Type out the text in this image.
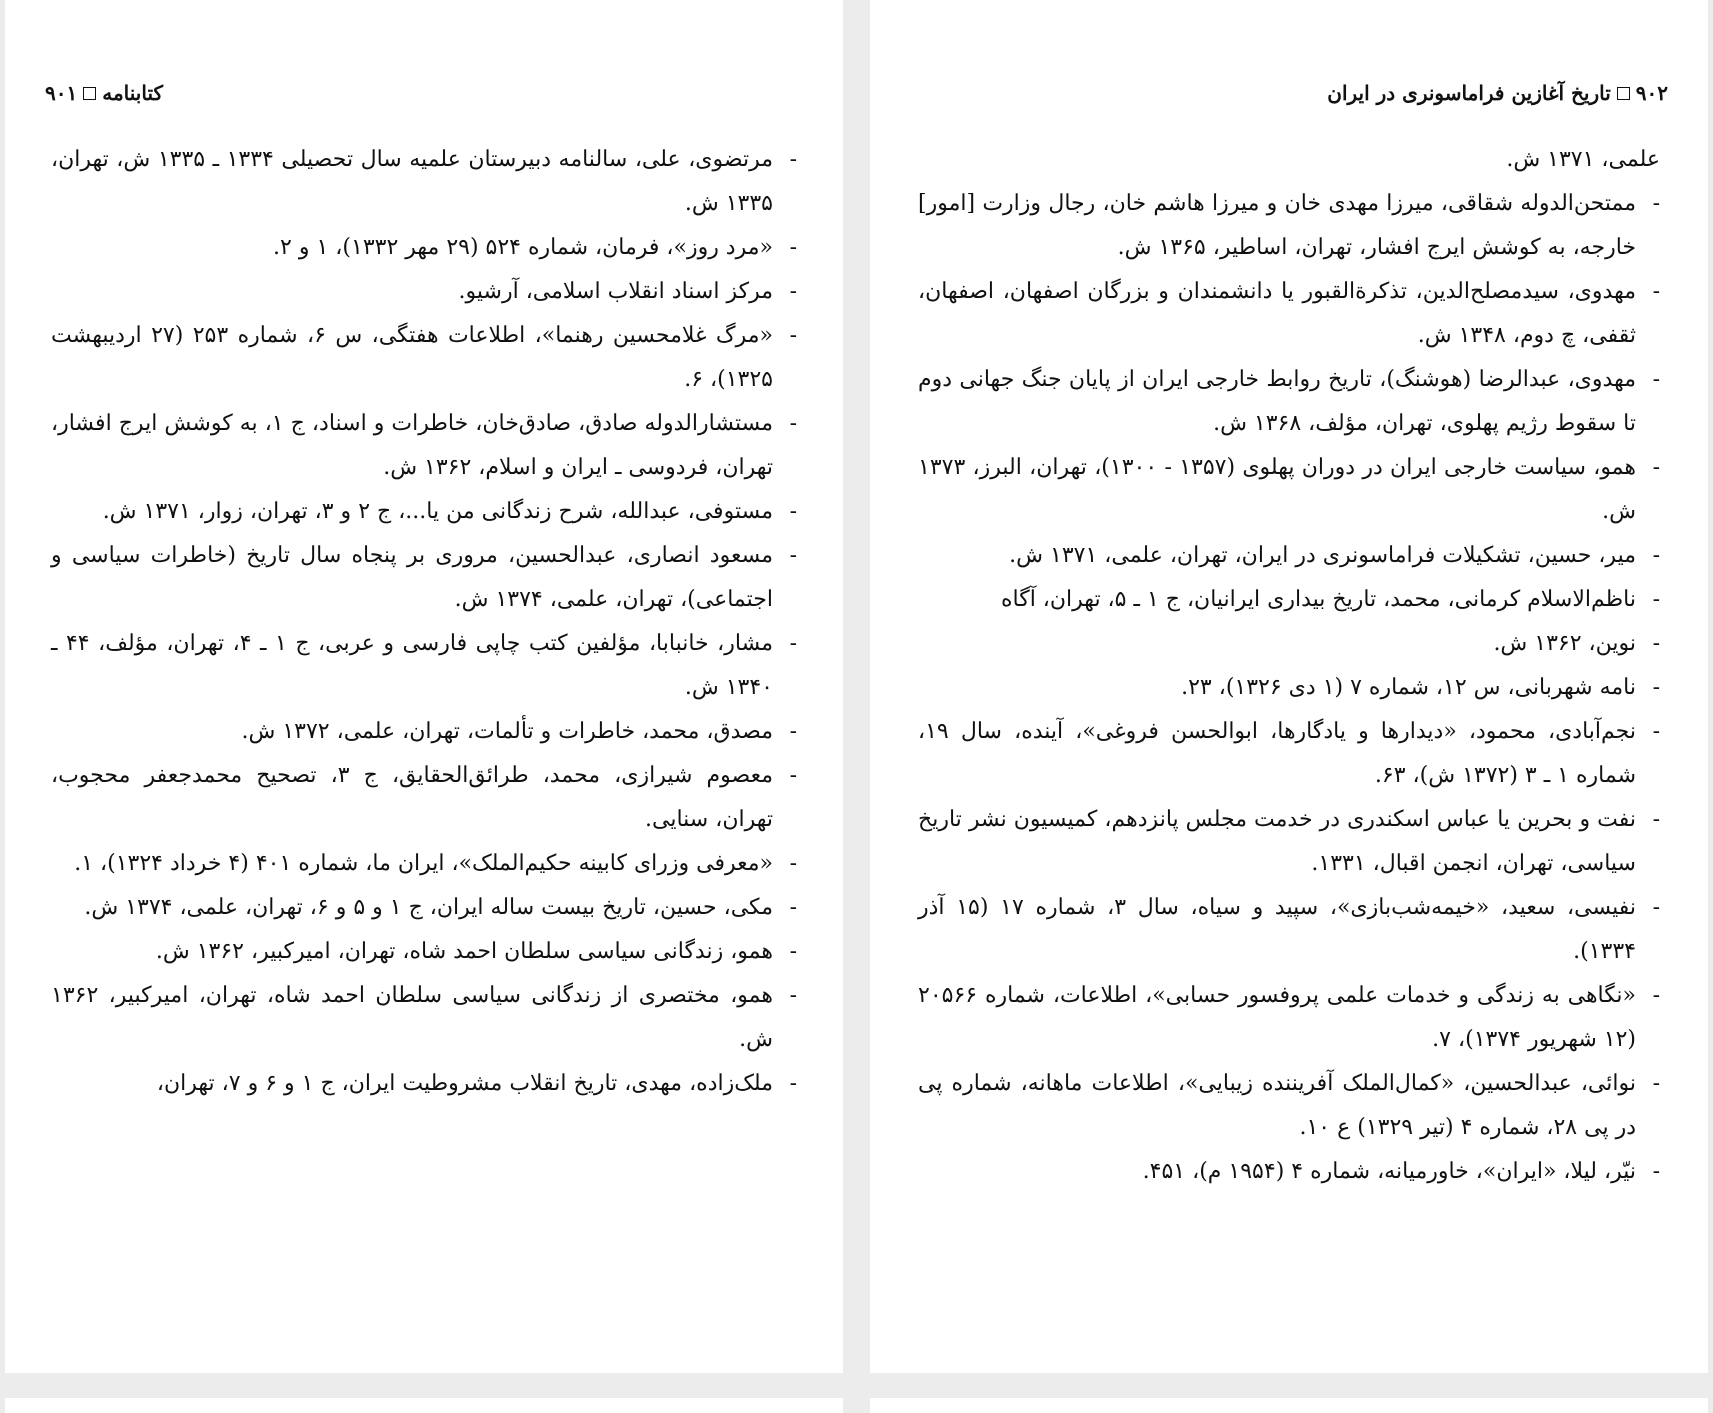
کتابنامه
۹۰۱
-
مرتضوی، علی، سالنامه دبیرستان علمیه سال تحصیلی ۱۳۳۴ ـ ۱۳۳۵ ش، تهران، ۱۳۳۵ ش.
-
«مرد روز»، فرمان، شماره ۵۲۴ (۲۹ مهر ۱۳۳۲)، ۱ و ۲.
-
مرکز اسناد انقلاب اسلامی، آرشیو.
-
«مرگ غلامحسین رهنما»، اطلاعات هفتگی، س ۶، شماره ۲۵۳ (۲۷ اردیبهشت ۱۳۲۵)، ۶.
-
مستشارالدوله صادق، صادق‌خان، خاطرات و اسناد، ج ۱، به کوشش ایرج افشار، تهران، فردوسی ـ ایران و اسلام، ۱۳۶۲ ش.
-
مستوفی، عبدالله، شرح زندگانی من یا...، ج ۲ و ۳، تهران، زوار، ۱۳۷۱ ش.
-
مسعود انصاری، عبدالحسین، مروری بر پنجاه سال تاریخ (خاطرات سیاسی و اجتماعی)، تهران، علمی، ۱۳۷۴ ش.
-
مشار، خانبابا، مؤلفین کتب چاپی فارسی و عربی، ج ۱ ـ ۴، تهران، مؤلف، ۴۴ ـ ۱۳۴۰ ش.
-
مصدق، محمد، خاطرات و تألمات، تهران، علمی، ۱۳۷۲ ش.
-
معصوم شیرازی، محمد، طرائق‌الحقایق، ج ۳، تصحیح محمدجعفر محجوب، تهران، سنایی.
-
«معرفی وزرای کابینه حکیم‌الملک»، ایران ما، شماره ۴۰۱ (۴ خرداد ۱۳۲۴)، ۱.
-
مکی، حسین، تاریخ بیست ساله ایران، ج ۱ و ۵ و ۶، تهران، علمی، ۱۳۷۴ ش.
-
همو، زندگانی سیاسی سلطان احمد شاه، تهران، امیرکبیر، ۱۳۶۲ ش.
-
همو، مختصری از زندگانی سیاسی سلطان احمد شاه، تهران، امیرکبیر، ۱۳۶۲ ش.
-
ملک‌زاده، مهدی، تاریخ انقلاب مشروطیت ایران، ج ۱ و ۶ و ۷، تهران،
۹۰۲
تاریخ آغازین فراماسونری در ایران
علمی، ۱۳۷۱ ش.
-
ممتحن‌الدوله شقاقی، میرزا مهدی خان و میرزا هاشم خان، رجال وزارت [امور] خارجه، به کوشش ایرج افشار، تهران، اساطیر، ۱۳۶۵ ش.
-
مهدوی، سیدمصلح‌الدین، تذکرةالقبور یا دانشمندان و بزرگان اصفهان، اصفهان، ثقفی، چ دوم، ۱۳۴۸ ش.
-
مهدوی، عبدالرضا (هوشنگ)، تاریخ روابط خارجی ایران از پایان جنگ جهانی دوم تا سقوط رژیم پهلوی، تهران، مؤلف، ۱۳۶۸ ش.
-
همو، سیاست خارجی ایران در دوران پهلوی (۱۳۵۷ - ۱۳۰۰)، تهران، البرز، ۱۳۷۳ ش.
-
میر، حسین، تشکیلات فراماسونری در ایران، تهران، علمی، ۱۳۷۱ ش.
-
ناظم‌الاسلام کرمانی، محمد، تاریخ بیداری ایرانیان، ج ۱ ـ ۵، تهران، آگاه
-
نوین، ۱۳۶۲ ش.
-
نامه شهربانی، س ۱۲، شماره ۷ (۱ دی ۱۳۲۶)، ۲۳.
-
نجم‌آبادی، محمود، «دیدارها و یادگارها، ابوالحسن فروغی»، آینده، سال ۱۹، شماره ۱ ـ ۳ (۱۳۷۲ ش)، ۶۳.
-
نفت و بحرین یا عباس اسکندری در خدمت مجلس پانزدهم، کمیسیون نشر تاریخ سیاسی، تهران، انجمن اقبال، ۱۳۳۱.
-
نفیسی، سعید، «خیمه‌شب‌بازی»، سپید و سیاه، سال ۳، شماره ۱۷ (۱۵ آذر ۱۳۳۴).
-
«نگاهی به زندگی و خدمات علمی پروفسور حسابی»، اطلاعات، شماره ۲۰۵۶۶ (۱۲ شهریور ۱۳۷۴)، ۷.
-
نوائی، عبدالحسین، «کمال‌الملک آفریننده زیبایی»، اطلاعات ماهانه، شماره پی در پی ۲۸، شماره ۴ (تیر ۱۳۲۹) ع ۱۰.
-
نیّر، لیلا، «ایران»، خاورمیانه، شماره ۴ (۱۹۵۴ م)، ۴۵۱.
